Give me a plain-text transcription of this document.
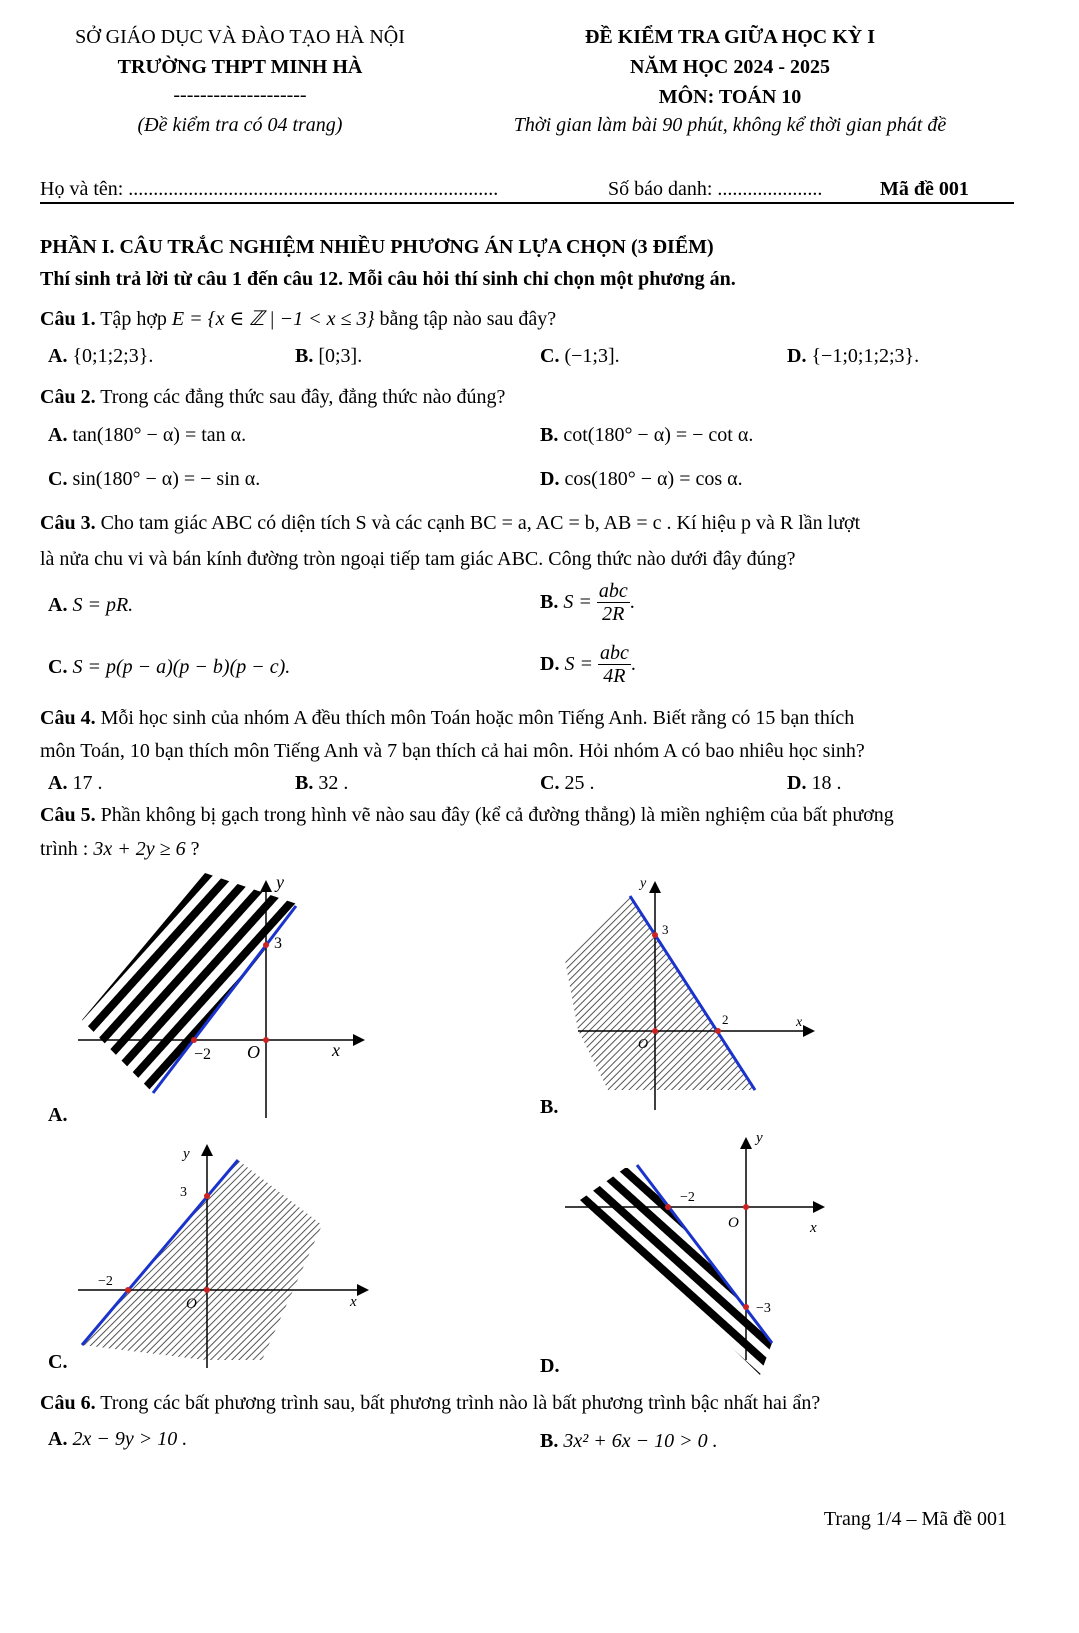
SỞ GIÁO DỤC VÀ ĐÀO TẠO HÀ NỘI
TRƯỜNG THPT MINH HÀ
--------------------
(Đề kiểm tra có 04 trang)
ĐỀ KIỂM TRA GIỮA HỌC KỲ I
NĂM HỌC 2024 - 2025
MÔN: TOÁN 10
Thời gian làm bài 90 phút, không kể thời gian phát đề
Họ và tên: ..........................................................................	Số báo danh: .....................	Mã đề 001
PHẦN I. CÂU TRẮC NGHIỆM NHIỀU PHƯƠNG ÁN LỰA CHỌN (3 ĐIỂM)
Thí sinh trả lời từ câu 1 đến câu 12. Mỗi câu hỏi thí sinh chỉ chọn một phương án.
Câu 1. Tập hợp E = {x ∈ ℤ | −1 < x ≤ 3} bằng tập nào sau đây?
A. {0;1;2;3}.	B. [0;3].	C. (−1;3].	D. {−1;0;1;2;3}.
Câu 2. Trong các đẳng thức sau đây, đẳng thức nào đúng?
A. tan(180° − α) = tan α.	B. cot(180° − α) = − cot α.
C. sin(180° − α) = − sin α.	D. cos(180° − α) = cos α.
Câu 3. Cho tam giác ABC có diện tích S và các cạnh BC = a, AC = b, AB = c . Kí hiệu p và R lần lượt
là nửa chu vi và bán kính đường tròn ngoại tiếp tam giác ABC. Công thức nào dưới đây đúng?
A. S = pR.	B. $S = \frac{\text{abc}}{2R}$ .
C. S = p(p − a)(p − b)(p − c).	D. $S = \frac{\text{abc}}{4R}$ .
Câu 4. Mỗi học sinh của nhóm A đều thích môn Toán hoặc môn Tiếng Anh. Biết rằng có 15 bạn thích
môn Toán, 10 bạn thích môn Tiếng Anh và 7 bạn thích cả hai môn. Hỏi nhóm A có bao nhiêu học sinh?
A. 17 .	B. 32 .	C. 25 .	D. 18 .
Câu 5. Phần không bị gạch trong hình vẽ nào sau đây (kể cả đường thẳng) là miền nghiệm của bất phương
trình : 3x + 2y ≥ 6 ?
y
x
O
3
−2
A.
y
x
O
3
2
B.
y
x
O
3
−2
C.
y
x
O
−2
−3
D.
Câu 6. Trong các bất phương trình sau, bất phương trình nào là bất phương trình bậc nhất hai ẩn?
A. 2x − 9y > 10 .	B. 3x² + 6x − 10 > 0 .
Trang 1/4 – Mã đề 001
